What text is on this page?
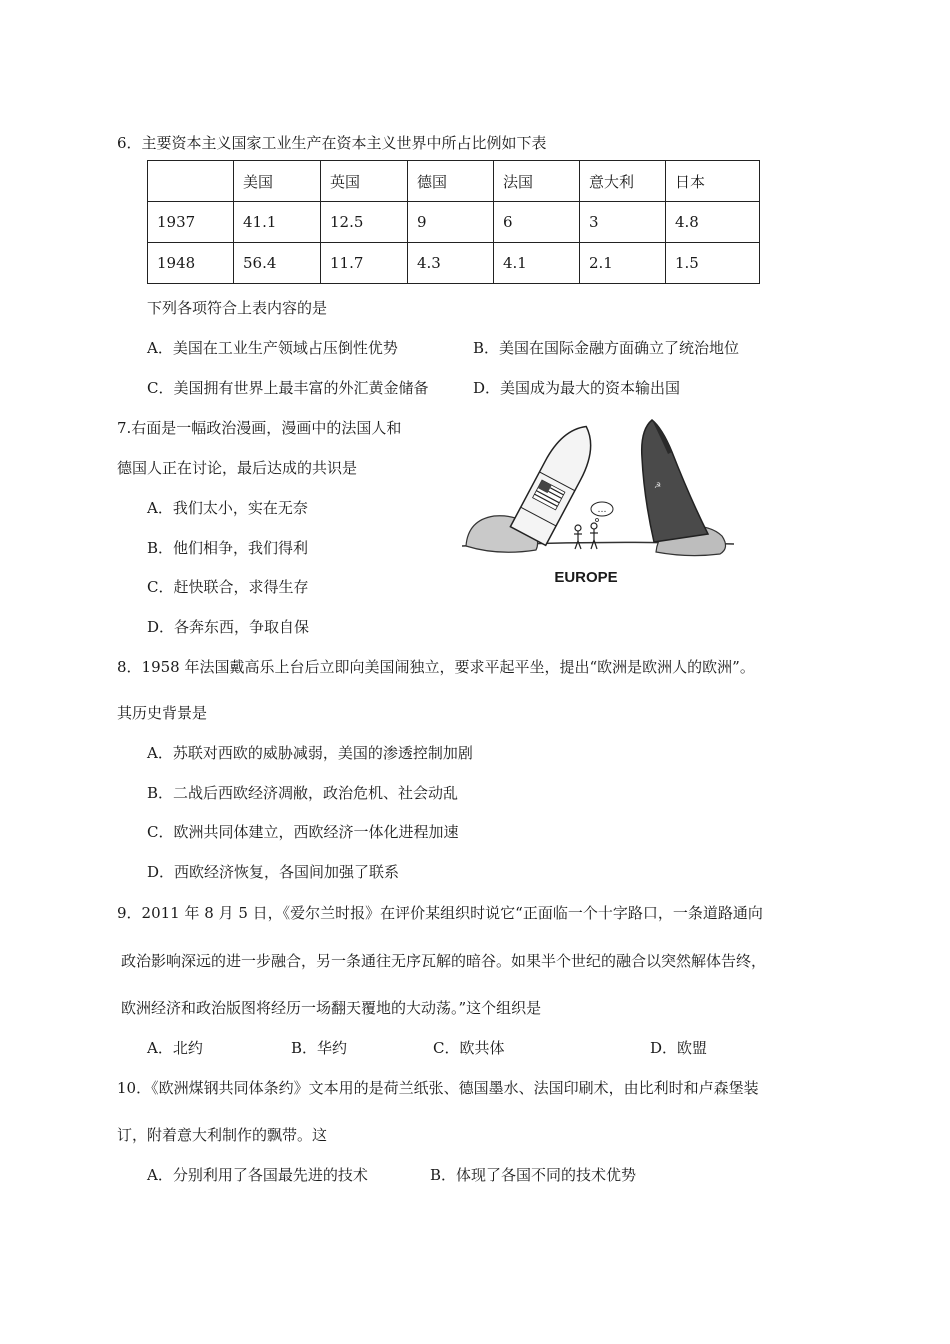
6．主要资本主义国家工业生产在资本主义世界中所占比例如下表
	美国	英国	德国	法国	意大利	日本
1937	41.1	12.5	9	6	3	4.8
1948	56.4	11.7	4.3	4.1	2.1	1.5
下列各项符合上表内容的是
A．美国在工业生产领域占压倒性优势	B．美国在国际金融方面确立了统治地位
C．美国拥有世界上最丰富的外汇黄金储备	D．美国成为最大的资本输出国
7.右面是一幅政治漫画，漫画中的法国人和
德国人正在讨论，最后达成的共识是
A．我们太小，实在无奈
B．他们相争，我们得利
C．赶快联合，求得生存
D．各奔东西，争取自保
☭
…
EUROPE
8．1958 年法国戴高乐上台后立即向美国闹独立，要求平起平坐，提出“欧洲是欧洲人的欧洲”。
其历史背景是
A．苏联对西欧的威胁减弱，美国的渗透控制加剧
B．二战后西欧经济凋敝，政治危机、社会动乱
C．欧洲共同体建立，西欧经济一体化进程加速
D．西欧经济恢复，各国间加强了联系
9．2011 年 8 月 5 日，《爱尔兰时报》在评价某组织时说它“正面临一个十字路口，一条道路通向
政治影响深远的进一步融合，另一条通往无序瓦解的暗谷。如果半个世纪的融合以突然解体告终，
欧洲经济和政治版图将经历一场翻天覆地的大动荡。”这个组织是
A．北约	B．华约	C．欧共体	D．欧盟
10．《欧洲煤钢共同体条约》文本用的是荷兰纸张、德国墨水、法国印刷术，由比利时和卢森堡装
订，附着意大利制作的飘带。这
A．分别利用了各国最先进的技术	B．体现了各国不同的技术优势
